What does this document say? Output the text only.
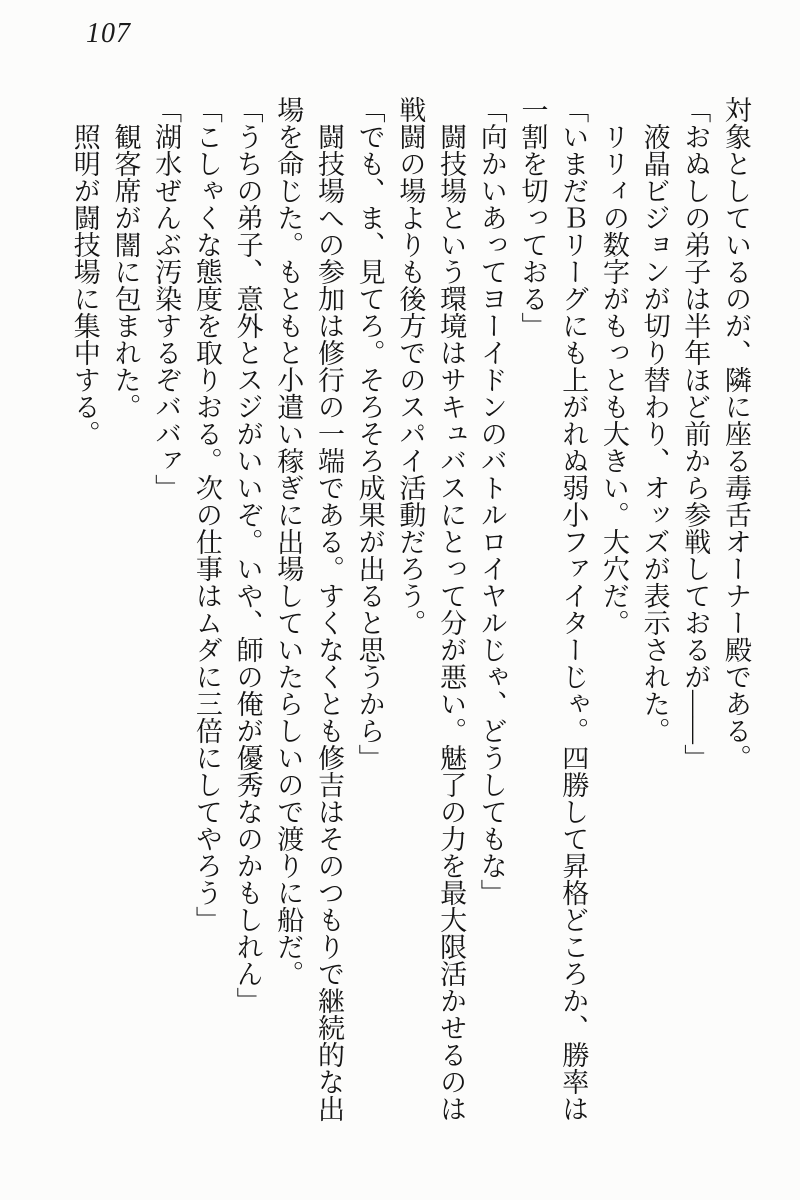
107

対象としているのが、隣に座る毒舌オーナー殿である。

「おぬしの弟子は半年ほど前から参戦しておるが――」

液晶ビジョンが切り替わり、オッズが表示された。

リリィの数字がもっとも大きい。大穴だ。

「いまだＢリーグにも上がれぬ弱小ファイターじゃ。四勝して昇格どころか、勝率は一割を切っておる」

「向かいあってヨーイドンのバトルロイヤルじゃ、どうしてもな」

闘技場という環境はサキュバスにとって分が悪い。魅了の力を最大限活かせるのは戦闘の場よりも後方でのスパイ活動だろう。

「でも、ま、見てろ。そろそろ成果が出ると思うから」

闘技場への参加は修行の一端である。すくなくとも修吉はそのつもりで継続的な出場を命じた。もともと小遣い稼ぎに出場していたらしいので渡りに船だ。

「うちの弟子、意外とスジがいいぞ。いや、師の俺が優秀なのかもしれん」

「こしゃくな態度を取りおる。次の仕事はムダに三倍にしてやろう」

「湖水ぜんぶ汚染するぞババァ」

観客席が闇に包まれた。

照明が闘技場に集中する。
